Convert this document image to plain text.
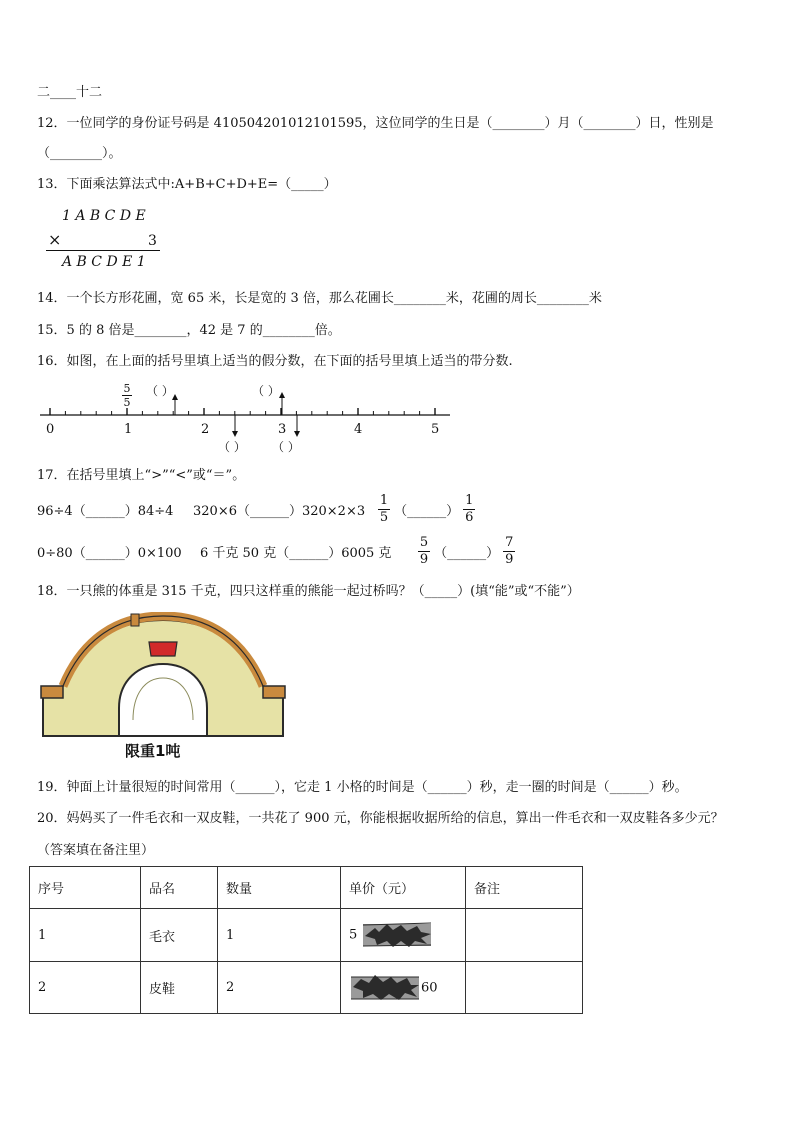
二____十二
12．一位同学的身份证号码是 410504201012101595，这位同学的生日是（________）月（________）日，性别是
（________）。
13．下面乘法算法式中:A+B+C+D+E=（_____）
1 A B C D E
×	3
A B C D E 1
14．一个长方形花圃，宽 65 米，长是宽的 3 倍，那么花圃长________米，花圃的周长________米
15．5 的 8 倍是________，42 是 7 的________倍。
16．如图，在上面的括号里填上适当的假分数，在下面的括号里填上适当的带分数.
5
5
（ ）	（ ）
0	1	2	3	4	5
（ ） （ ）
17．在括号里填上“>”“<”或“＝”。
96÷4（______）84÷4 320×6（______）320×2×3 $\frac{1}{5}$ （______） $\frac{1}{6}$
0÷80（______）0×100 6 千克 50 克（______）6005 克 $\frac{5}{9}$ （______） $\frac{7}{9}$
18．一只熊的体重是 315 千克，四只这样重的熊能一起过桥吗？（_____）(填“能”或“不能”）
限重1吨
19．钟面上计量很短的时间常用（______），它走 1 小格的时间是（______）秒，走一圈的时间是（______）秒。
20．妈妈买了一件毛衣和一双皮鞋，一共花了 900 元，你能根据收据所给的信息，算出一件毛衣和一双皮鞋各多少元？
（答案填在备注里）
序号	品名	数量	单价（元）	备注
1	毛衣	1	5	
2	皮鞋	2	60	
